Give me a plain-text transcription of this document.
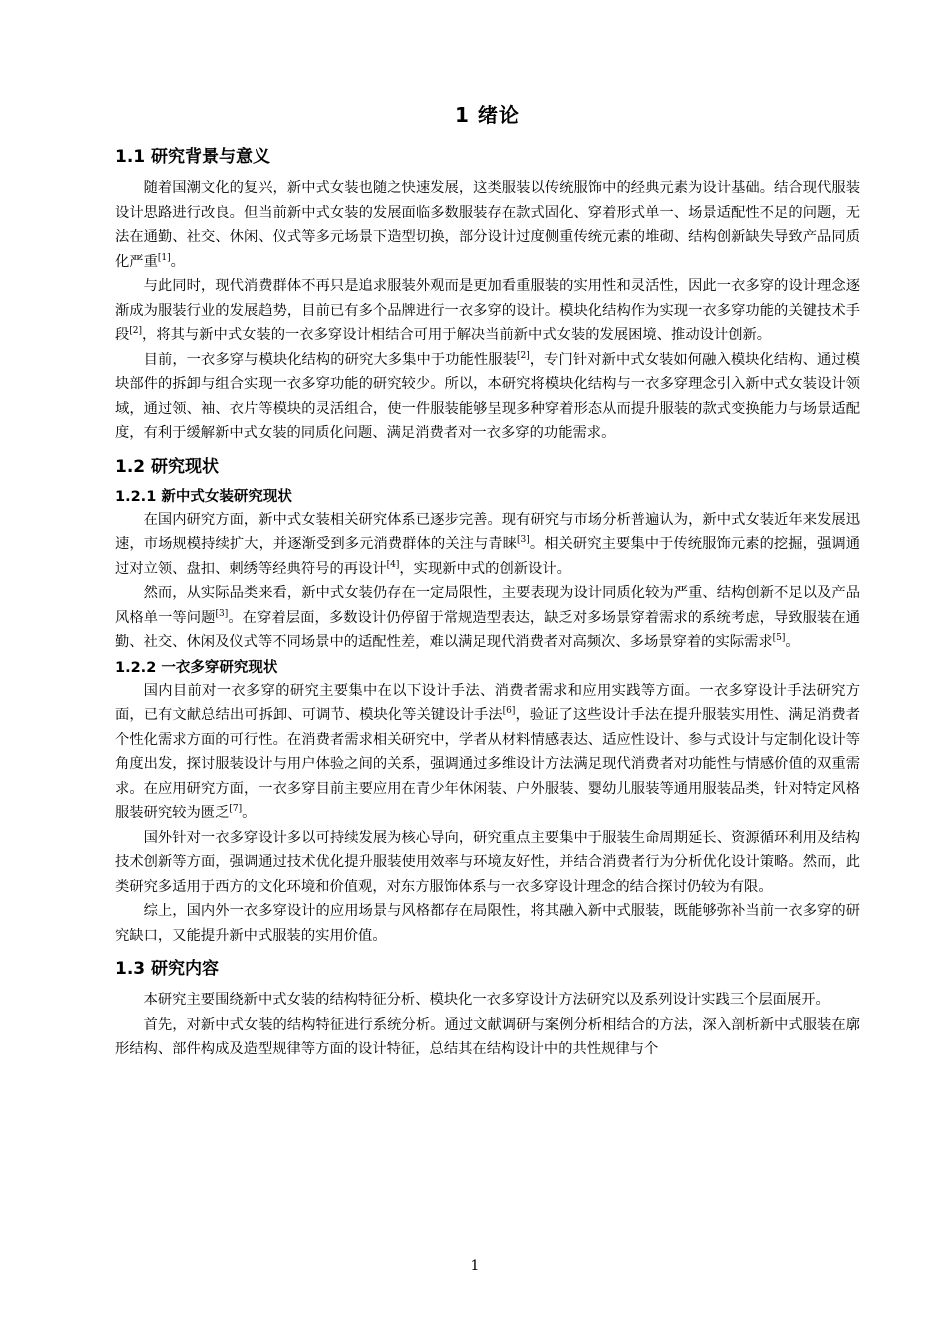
1 绪论
1.1 研究背景与意义

随着国潮文化的复兴，新中式女装也随之快速发展，这类服装以传统服饰中的经典元素为设计基础。结合现代服装设计思路进行改良。但当前新中式女装的发展面临多数服装存在款式固化、穿着形式单一、场景适配性不足的问题，无法在通勤、社交、休闲、仪式等多元场景下造型切换，部分设计过度侧重传统元素的堆砌、结构创新缺失导致产品同质化严重[1]。

与此同时，现代消费群体不再只是追求服装外观而是更加看重服装的实用性和灵活性，因此一衣多穿的设计理念逐渐成为服装行业的发展趋势，目前已有多个品牌进行一衣多穿的设计。模块化结构作为实现一衣多穿功能的关键技术手段[2]，将其与新中式女装的一衣多穿设计相结合可用于解决当前新中式女装的发展困境、推动设计创新。

目前，一衣多穿与模块化结构的研究大多集中于功能性服装[2]，专门针对新中式女装如何融入模块化结构、通过模块部件的拆卸与组合实现一衣多穿功能的研究较少。所以，本研究将模块化结构与一衣多穿理念引入新中式女装设计领域，通过领、袖、衣片等模块的灵活组合，使一件服装能够呈现多种穿着形态从而提升服装的款式变换能力与场景适配度，有利于缓解新中式女装的同质化问题、满足消费者对一衣多穿的功能需求。

1.2 研究现状
1.2.1 新中式女装研究现状

在国内研究方面，新中式女装相关研究体系已逐步完善。现有研究与市场分析普遍认为，新中式女装近年来发展迅速，市场规模持续扩大，并逐渐受到多元消费群体的关注与青睐[3]。相关研究主要集中于传统服饰元素的挖掘，强调通过对立领、盘扣、刺绣等经典符号的再设计[4]，实现新中式的创新设计。

然而，从实际品类来看，新中式女装仍存在一定局限性，主要表现为设计同质化较为严重、结构创新不足以及产品风格单一等问题[3]。在穿着层面，多数设计仍停留于常规造型表达，缺乏对多场景穿着需求的系统考虑，导致服装在通勤、社交、休闲及仪式等不同场景中的适配性差，难以满足现代消费者对高频次、多场景穿着的实际需求[5]。

1.2.2 一衣多穿研究现状

国内目前对一衣多穿的研究主要集中在以下设计手法、消费者需求和应用实践等方面。一衣多穿设计手法研究方面，已有文献总结出可拆卸、可调节、模块化等关键设计手法[6]，验证了这些设计手法在提升服装实用性、满足消费者个性化需求方面的可行性。在消费者需求相关研究中，学者从材料情感表达、适应性设计、参与式设计与定制化设计等角度出发，探讨服装设计与用户体验之间的关系，强调通过多维设计方法满足现代消费者对功能性与情感价值的双重需求。在应用研究方面，一衣多穿目前主要应用在青少年休闲装、户外服装、婴幼儿服装等通用服装品类，针对特定风格服装研究较为匮乏[7]。

国外针对一衣多穿设计多以可持续发展为核心导向，研究重点主要集中于服装生命周期延长、资源循环利用及结构技术创新等方面，强调通过技术优化提升服装使用效率与环境友好性，并结合消费者行为分析优化设计策略。然而，此类研究多适用于西方的文化环境和价值观，对东方服饰体系与一衣多穿设计理念的结合探讨仍较为有限。

综上，国内外一衣多穿设计的应用场景与风格都存在局限性，将其融入新中式服装，既能够弥补当前一衣多穿的研究缺口，又能提升新中式服装的实用价值。

1.3 研究内容

本研究主要围绕新中式女装的结构特征分析、模块化一衣多穿设计方法研究以及系列设计实践三个层面展开。

首先，对新中式女装的结构特征进行系统分析。通过文献调研与案例分析相结合的方法，深入剖析新中式服装在廓形结构、部件构成及造型规律等方面的设计特征，总结其在结构设计中的共性规律与个

1
